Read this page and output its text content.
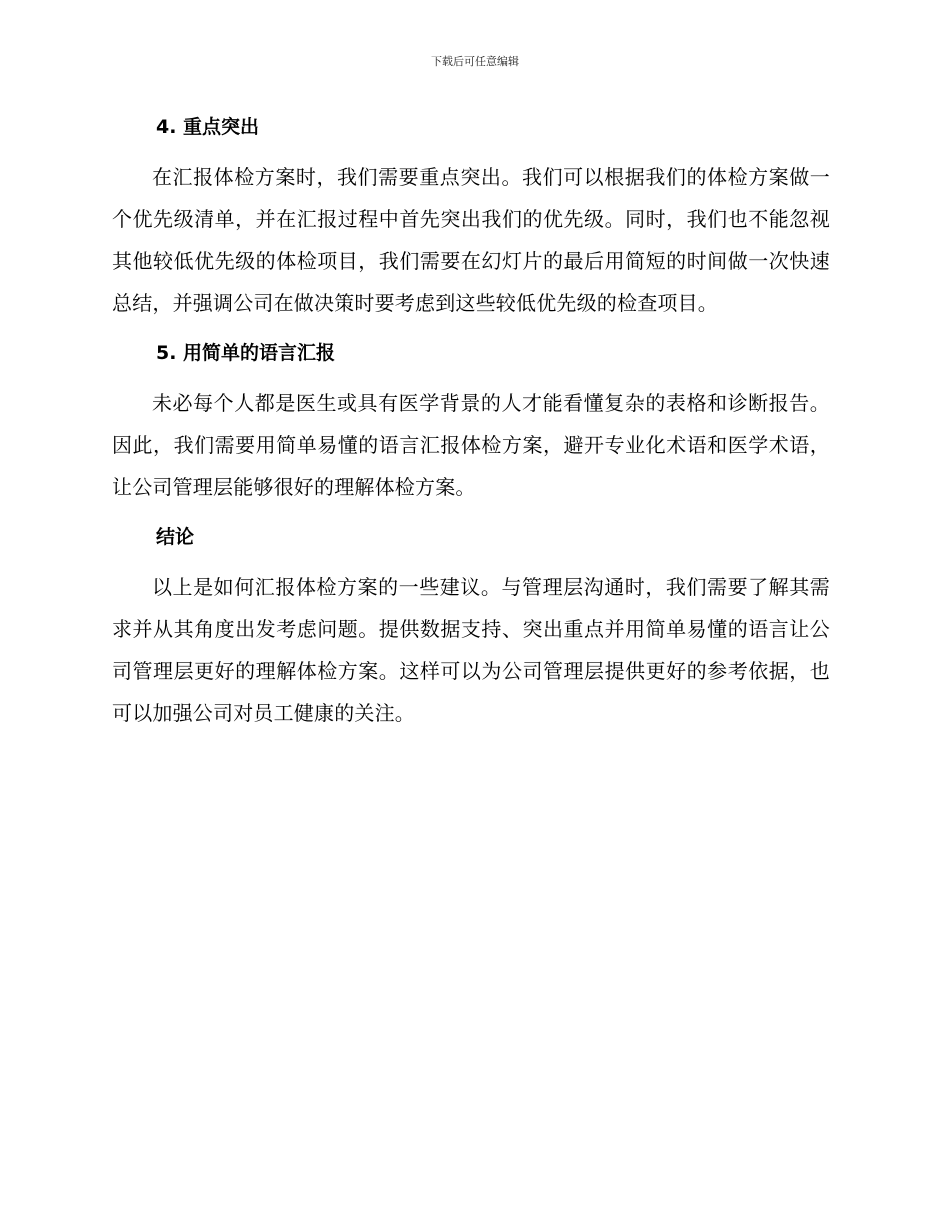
下载后可任意编辑
4. 重点突出

在汇报体检方案时，我们需要重点突出。我们可以根据我们的体检方案做一个优先级清单，并在汇报过程中首先突出我们的优先级。同时，我们也不能忽视其他较低优先级的体检项目，我们需要在幻灯片的最后用简短的时间做一次快速总结，并强调公司在做决策时要考虑到这些较低优先级的检查项目。

5. 用简单的语言汇报

未必每个人都是医生或具有医学背景的人才能看懂复杂的表格和诊断报告。因此，我们需要用简单易懂的语言汇报体检方案，避开专业化术语和医学术语，让公司管理层能够很好的理解体检方案。

结论

以上是如何汇报体检方案的一些建议。与管理层沟通时，我们需要了解其需求并从其角度出发考虑问题。提供数据支持、突出重点并用简单易懂的语言让公司管理层更好的理解体检方案。这样可以为公司管理层提供更好的参考依据，也可以加强公司对员工健康的关注。
